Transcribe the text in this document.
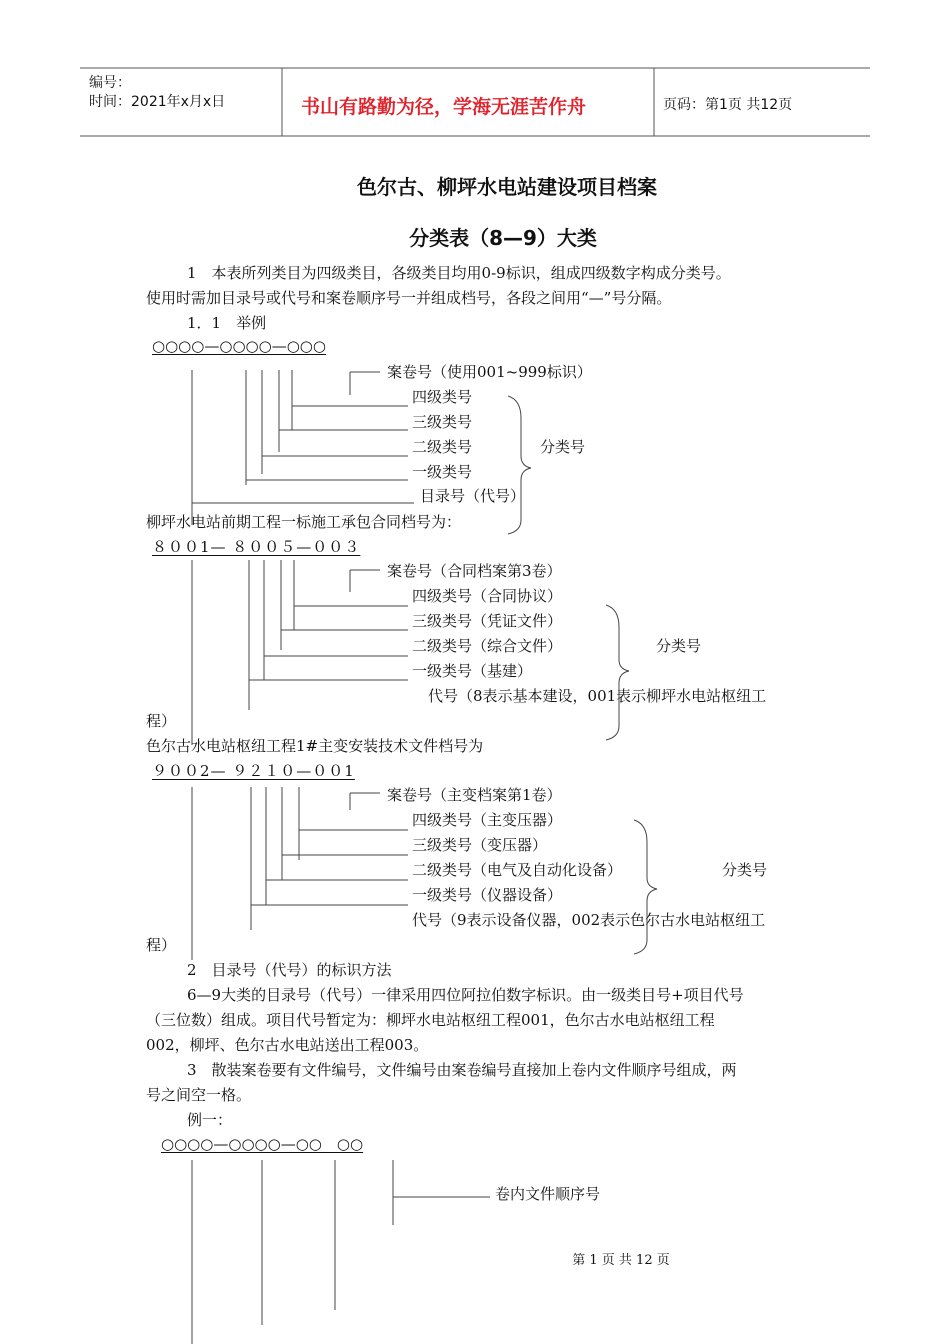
编号：
时间：2021年x月x日	书山有路勤为径，学海无涯苦作舟	页码：第1页 共12页
色尔古、柳坪水电站建设项目档案
分类表（8—9）大类
1　本表所列类目为四级类目，各级类目均用0-9标识，组成四级数字构成分类号。
使用时需加目录号或代号和案卷顺序号一并组成档号，各段之间用“—”号分隔。
1．1　举例
○○○○—○○○○—○○○
案卷号（使用001~999标识）
四级类号
三级类号
二级类号
一级类号
目录号（代号）
分类号
柳坪水电站前期工程一标施工承包合同档号为：
８００1— ８００５—００３
案卷号（合同档案第3卷）
四级类号（合同协议）
三级类号（凭证文件）
二级类号（综合文件）
一级类号（基建）
代号（8表示基本建设，001表示柳坪水电站枢纽工
程）
分类号
色尔古水电站枢纽工程1#主变安装技术文件档号为
９００2— ９２１０—００1
案卷号（主变档案第1卷）
四级类号（主变压器）
三级类号（变压器）
二级类号（电气及自动化设备）
一级类号（仪器设备）
代号（9表示设备仪器，002表示色尔古水电站枢纽工
程）
分类号
2　目录号（代号）的标识方法
6—9大类的目录号（代号）一律采用四位阿拉伯数字标识。由一级类目号+项目代号
（三位数）组成。项目代号暂定为：柳坪水电站枢纽工程001，色尔古水电站枢纽工程
002，柳坪、色尔古水电站送出工程003。
3　散装案卷要有文件编号，文件编号由案卷编号直接加上卷内文件顺序号组成，两
号之间空一格。
例一：
○○○○—○○○○—○○　○○
卷内文件顺序号
第 1 页 共 12 页
